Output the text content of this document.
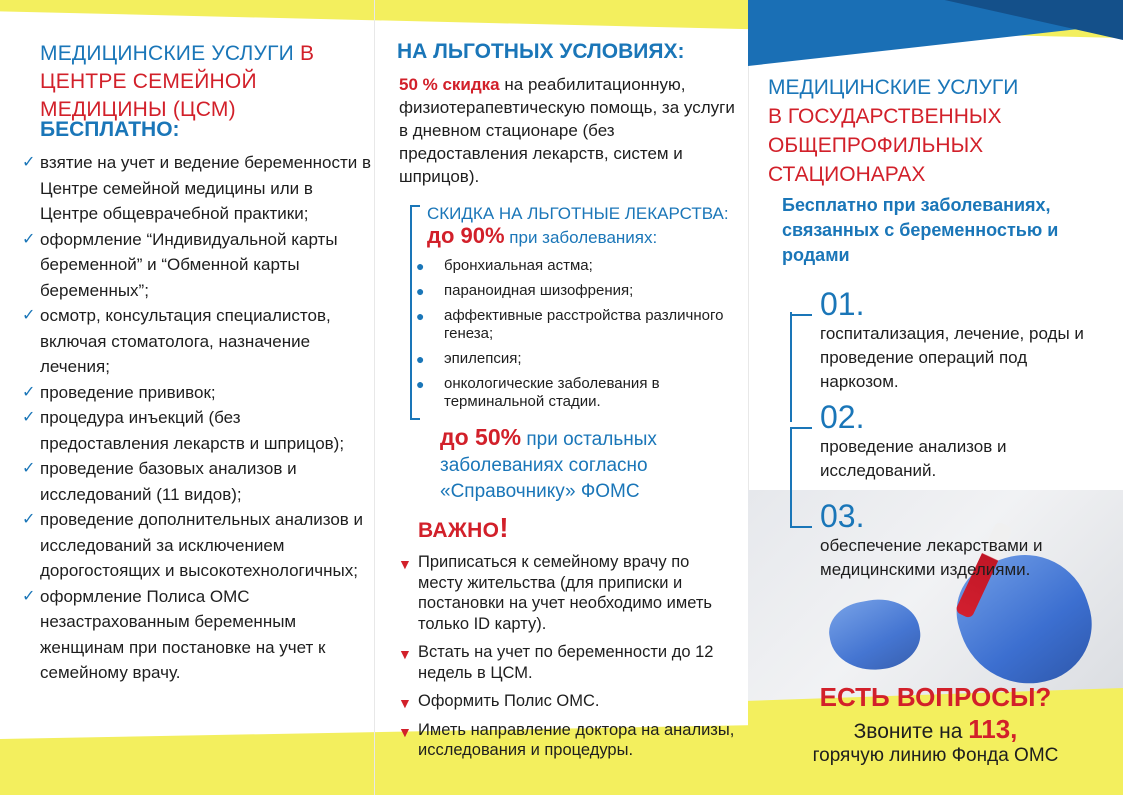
МЕДИЦИНСКИЕ УСЛУГИ В ЦЕНТРЕ СЕМЕЙНОЙ МЕДИЦИНЫ (ЦСМ)
БЕСПЛАТНО:
✓ взятие на учет и ведение беременности в Центре семейной медицины или в Центре общеврачебной практики;
✓ оформление “Индивидуальной карты беременной” и “Обменной карты беременных”;
✓ осмотр, консультация специалистов, включая стоматолога, назначение лечения;
✓ проведение прививок;
✓ процедура инъекций (без предоставления лекарств и шприцов);
✓ проведение базовых анализов и исследований (11 видов);
✓ проведение дополнительных анализов и исследований за исключением дорогостоящих и высокотехнологичных;
✓ оформление Полиса ОМС незастрахованным беременным женщинам при постановке на учет к семейному врачу.
НА ЛЬГОТНЫХ УСЛОВИЯХ:
50 % скидка на реабилитационную, физиотерапевтическую помощь, за услуги в дневном стационаре (без предоставления лекарств, систем и шприцов).
СКИДКА НА ЛЬГОТНЫЕ ЛЕКАРСТВА:
до 90% при заболеваниях:
● бронхиальная астма;
● параноидная шизофрения;
● аффективные расстройства различного генеза;
● эпилепсия;
● онкологические заболевания в терминальной стадии.
до 50% при остальных заболеваниях согласно «Справочнику» ФОМС
ВАЖНО!
▼ Приписаться к семейному врачу по месту жительства (для приписки и постановки на учет необходимо иметь только ID карту).
▼ Встать на учет по беременности до 12 недель в ЦСМ.
▼ Оформить Полис ОМС.
▼ Иметь направление доктора на анализы, исследования и процедуры.
МЕДИЦИНСКИЕ УСЛУГИ
В ГОСУДАРСТВЕННЫХ ОБЩЕПРОФИЛЬНЫХ СТАЦИОНАРАХ
Бесплатно при заболеваниях, связанных с беременностью и родами
01.
госпитализация, лечение, роды и проведение операций под наркозом.
02.
проведение анализов и исследований.
03.
обеспечение лекарствами и медицинскими изделиями.
ЕСТЬ ВОПРОСЫ?
Звоните на 113,
горячую линию Фонда ОМС
